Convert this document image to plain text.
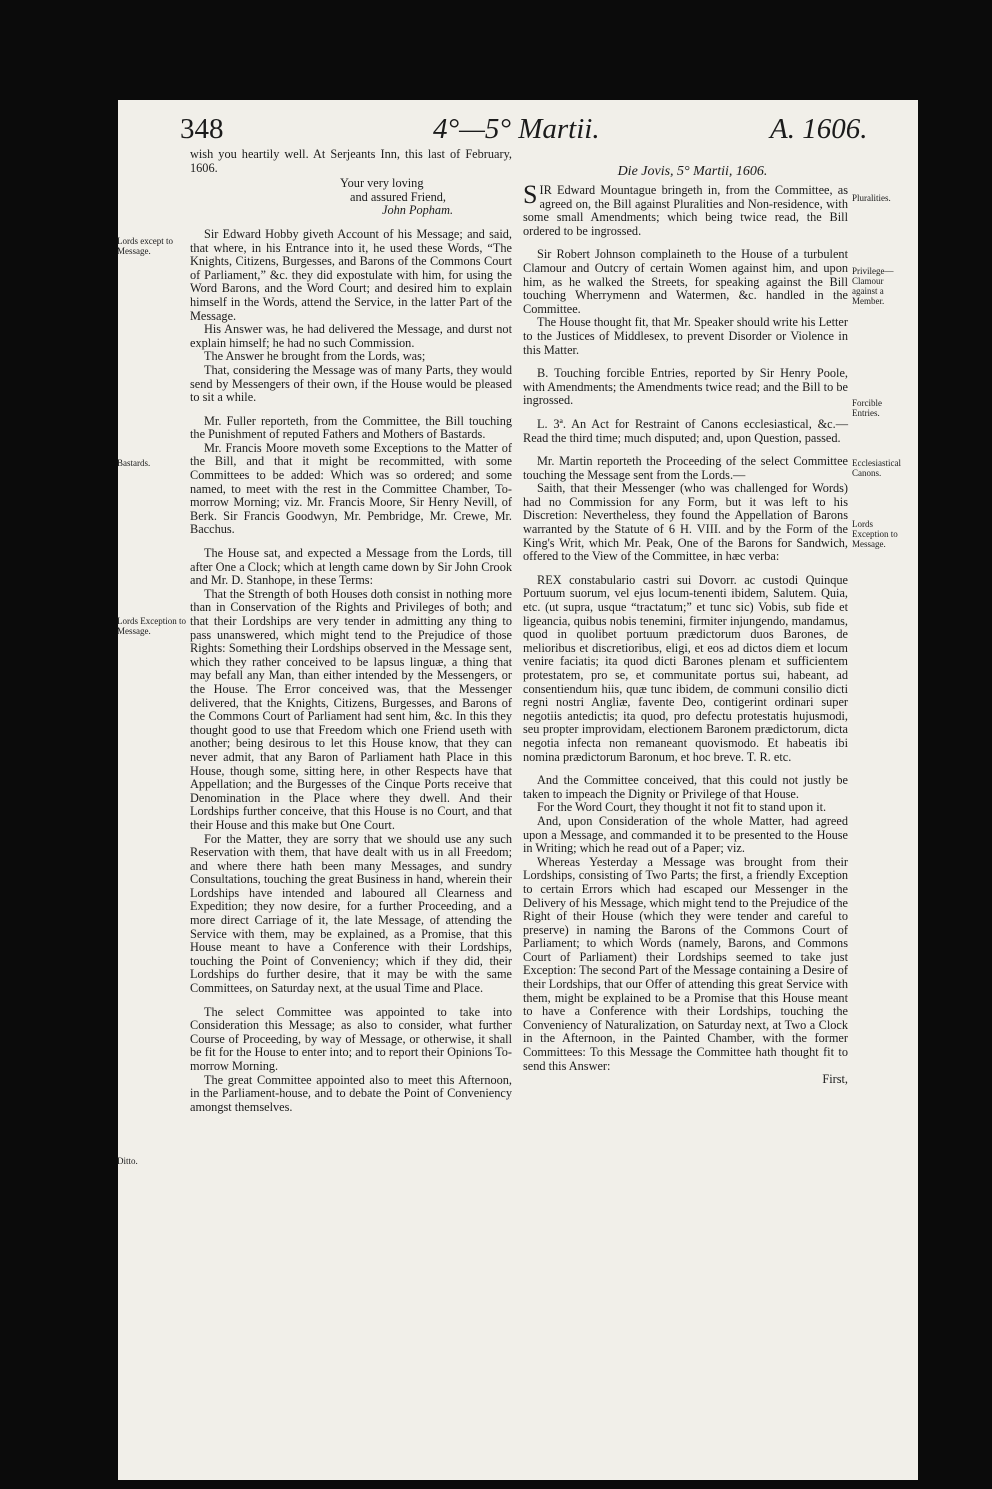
348	4°—5° Martii.	A. 1606.
Lords except to Message.
Bastards.
Lords Exception to Message.
Ditto.

wish you heartily well. At Serjeants Inn, this last of February, 1606.

Your very loving

and assured Friend,

John Popham.

Sir Edward Hobby giveth Account of his Message; and said, that where, in his Entrance into it, he used these Words, “The Knights, Citizens, Burgesses, and Barons of the Commons Court of Parliament,” &c. they did expostulate with him, for using the Word Barons, and the Word Court; and desired him to explain himself in the Words, attend the Service, in the latter Part of the Message.

His Answer was, he had delivered the Message, and durst not explain himself; he had no such Commission.

The Answer he brought from the Lords, was;

That, considering the Message was of many Parts, they would send by Messengers of their own, if the House would be pleased to sit a while.

Mr. Fuller reporteth, from the Committee, the Bill touching the Punishment of reputed Fathers and Mothers of Bastards.

Mr. Francis Moore moveth some Exceptions to the Matter of the Bill, and that it might be recommitted, with some Committees to be added: Which was so ordered; and some named, to meet with the rest in the Committee Chamber, To-morrow Morning; viz. Mr. Francis Moore, Sir Henry Nevill, of Berk. Sir Francis Goodwyn, Mr. Pembridge, Mr. Crewe, Mr. Bacchus.

The House sat, and expected a Message from the Lords, till after One a Clock; which at length came down by Sir John Crook and Mr. D. Stanhope, in these Terms:

That the Strength of both Houses doth consist in nothing more than in Conservation of the Rights and Privileges of both; and that their Lordships are very tender in admitting any thing to pass unanswered, which might tend to the Prejudice of those Rights: Something their Lordships observed in the Message sent, which they rather conceived to be lapsus linguæ, a thing that may befall any Man, than either intended by the Messengers, or the House. The Error conceived was, that the Messenger delivered, that the Knights, Citizens, Burgesses, and Barons of the Commons Court of Parliament had sent him, &c. In this they thought good to use that Freedom which one Friend useth with another; being desirous to let this House know, that they can never admit, that any Baron of Parliament hath Place in this House, though some, sitting here, in other Respects have that Appellation; and the Burgesses of the Cinque Ports receive that Denomination in the Place where they dwell. And their Lordships further conceive, that this House is no Court, and that their House and this make but One Court.

For the Matter, they are sorry that we should use any such Reservation with them, that have dealt with us in all Freedom; and where there hath been many Messages, and sundry Consultations, touching the great Business in hand, wherein their Lordships have intended and laboured all Clearness and Expedition; they now desire, for a further Proceeding, and a more direct Carriage of it, the late Message, of attending the Service with them, may be explained, as a Promise, that this House meant to have a Conference with their Lordships, touching the Point of Conveniency; which if they did, their Lordships do further desire, that it may be with the same Committees, on Saturday next, at the usual Time and Place.

The select Committee was appointed to take into Consideration this Message; as also to consider, what further Course of Proceeding, by way of Message, or otherwise, it shall be fit for the House to enter into; and to report their Opinions To-morrow Morning.

The great Committee appointed also to meet this Afternoon, in the Parliament-house, and to debate the Point of Conveniency amongst themselves.

Die Jovis, 5° Martii, 1606.

SIR Edward Mountague bringeth in, from the Committee, as agreed on, the Bill against Pluralities and Non-residence, with some small Amendments; which being twice read, the Bill ordered to be ingrossed.

Sir Robert Johnson complaineth to the House of a turbulent Clamour and Outcry of certain Women against him, and upon him, as he walked the Streets, for speaking against the Bill touching Wherrymenn and Watermen, &c. handled in the Committee.

The House thought fit, that Mr. Speaker should write his Letter to the Justices of Middlesex, to prevent Disorder or Violence in this Matter.

B. Touching forcible Entries, reported by Sir Henry Poole, with Amendments; the Amendments twice read; and the Bill to be ingrossed.

L. 3ª. An Act for Restraint of Canons ecclesiastical, &c.—Read the third time; much disputed; and, upon Question, passed.

Mr. Martin reporteth the Proceeding of the select Committee touching the Message sent from the Lords.—

Saith, that their Messenger (who was challenged for Words) had no Commission for any Form, but it was left to his Discretion: Nevertheless, they found the Appellation of Barons warranted by the Statute of 6 H. VIII. and by the Form of the King's Writ, which Mr. Peak, One of the Barons for Sandwich, offered to the View of the Committee, in hæc verba:

REX constabulario castri sui Dovorr. ac custodi Quinque Portuum suorum, vel ejus locum-tenenti ibidem, Salutem. Quia, etc. (ut supra, usque “tractatum;” et tunc sic) Vobis, sub fide et ligeancia, quibus nobis tenemini, firmiter injungendo, mandamus, quod in quolibet portuum prædictorum duos Barones, de melioribus et discretioribus, eligi, et eos ad dictos diem et locum venire faciatis; ita quod dicti Barones plenam et sufficientem protestatem, pro se, et communitate portus sui, habeant, ad consentiendum hiis, quæ tunc ibidem, de communi consilio dicti regni nostri Angliæ, favente Deo, contigerint ordinari super negotiis antedictis; ita quod, pro defectu protestatis hujusmodi, seu propter improvidam, electionem Baronem prædictorum, dicta negotia infecta non remaneant quovismodo. Et habeatis ibi nomina prædictorum Baronum, et hoc breve. T. R. etc.

And the Committee conceived, that this could not justly be taken to impeach the Dignity or Privilege of that House.

For the Word Court, they thought it not fit to stand upon it.

And, upon Consideration of the whole Matter, had agreed upon a Message, and commanded it to be presented to the House in Writing; which he read out of a Paper; viz.

Whereas Yesterday a Message was brought from their Lordships, consisting of Two Parts; the first, a friendly Exception to certain Errors which had escaped our Messenger in the Delivery of his Message, which might tend to the Prejudice of the Right of their House (which they were tender and careful to preserve) in naming the Barons of the Commons Court of Parliament; to which Words (namely, Barons, and Commons Court of Parliament) their Lordships seemed to take just Exception: The second Part of the Message containing a Desire of their Lordships, that our Offer of attending this great Service with them, might be explained to be a Promise that this House meant to have a Conference with their Lordships, touching the Conveniency of Naturalization, on Saturday next, at Two a Clock in the Afternoon, in the Painted Chamber, with the former Committees: To this Message the Committee hath thought fit to send this Answer:

First,

Pluralities.
Privilege—Clamour against a Member.
Forcible Entries.
Ecclesiastical Canons.
Lords Exception to Message.
